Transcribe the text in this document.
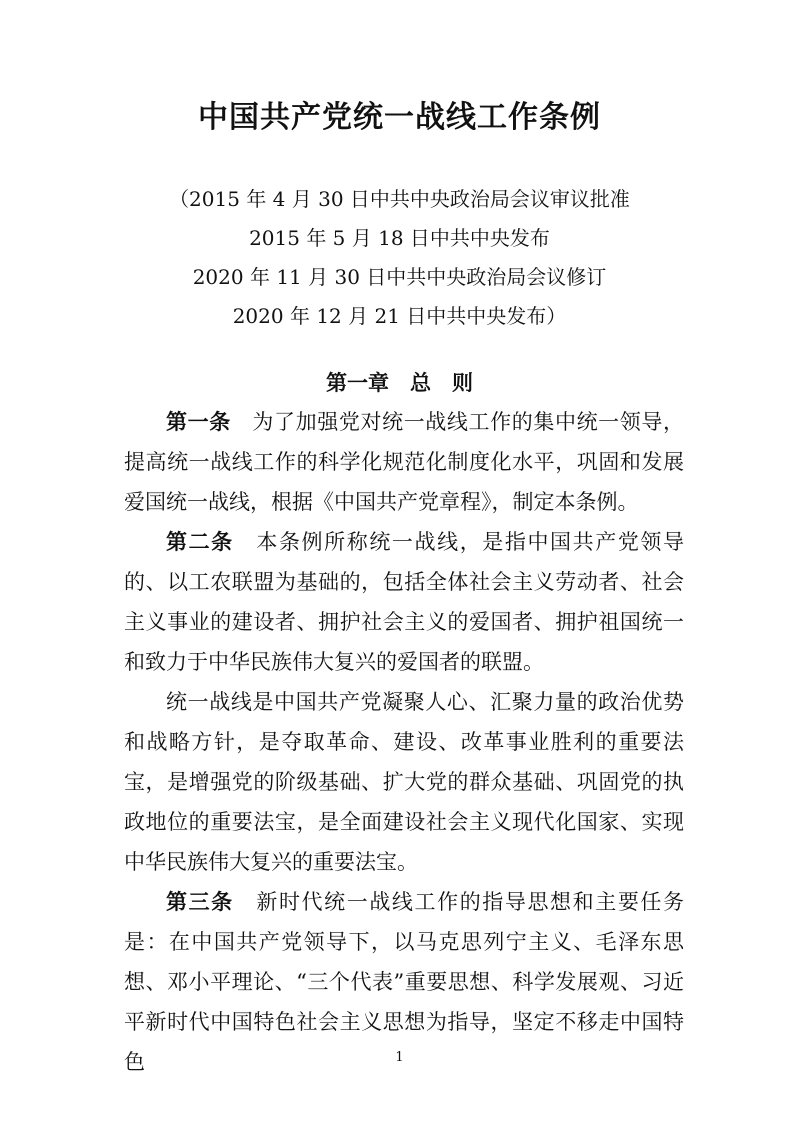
中国共产党统一战线工作条例
（2015 年 4 月 30 日中共中央政治局会议审议批准
2015 年 5 月 18 日中共中央发布
2020 年 11 月 30 日中共中央政治局会议修订
2020 年 12 月 21 日中共中央发布）
第一章　总　则

第一条　为了加强党对统一战线工作的集中统一领导，提高统一战线工作的科学化规范化制度化水平，巩固和发展爱国统一战线，根据《中国共产党章程》，制定本条例。

第二条　本条例所称统一战线，是指中国共产党领导的、以工农联盟为基础的，包括全体社会主义劳动者、社会主义事业的建设者、拥护社会主义的爱国者、拥护祖国统一和致力于中华民族伟大复兴的爱国者的联盟。

统一战线是中国共产党凝聚人心、汇聚力量的政治优势和战略方针，是夺取革命、建设、改革事业胜利的重要法宝，是增强党的阶级基础、扩大党的群众基础、巩固党的执政地位的重要法宝，是全面建设社会主义现代化国家、实现中华民族伟大复兴的重要法宝。

第三条　新时代统一战线工作的指导思想和主要任务是：在中国共产党领导下，以马克思列宁主义、毛泽东思想、邓小平理论、“三个代表”重要思想、科学发展观、习近平新时代中国特色社会主义思想为指导，坚定不移走中国特色	1
